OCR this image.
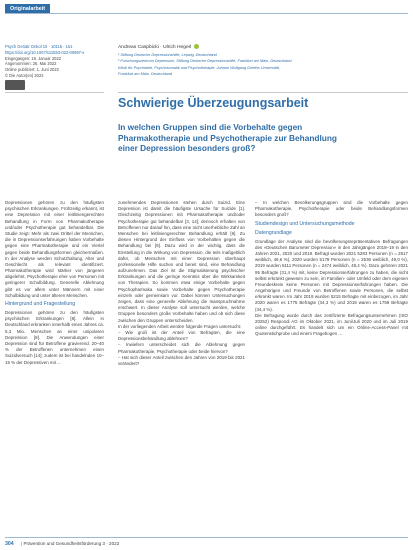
Originalarbeit
Psych Geriatr Onkol 10 · 10116 · 161
https://doi.org/10.1007/s11553-022-00997-x
Eingegangen: 19. Januar 2022
Angenommen: 26. Mai 2022
Online publiziert: 1. Juni 2022
© Die Autor(en) 2022
Andreas Caspbicki · Ulrich Hegerl
¹ Stiftung Deutsche Depressionshilfe, Leipzig, Deutschland
² Forschungszentrum Depression, Stiftung Deutsche Depressionshilfe, Frankfurt am Main, Deutschland
Klinik für Psychiatrie, Psychosomatik und Psychotherapie, Johann Wolfgang Goethe-Universität,
Frankfurt am Main, Deutschland
Schwierige Überzeugungsarbeit
In welchen Gruppen sind die Vorbehalte gegen Pharmakotherapie und Psychotherapie zur Behandlung einer Depression besonders groß?

Depressionen gehören zu den häufigsten psychischen Erkrankungen. Frühzeitig erkannt, ist eine Depression mit einer leitliniengerechten Behandlung in Form von Pharmakotherapie und/oder Psychotherapie gut behandelbar. Die Studie zeigt: Mehr als zwei Drittel der Menschen, die in Depressionserfahrungen haben Vorbehalte gegen eine Pharmakotherapie und ein Viertel gegen beide Behandlungsformen gleichermaßen. In der Analyse werden Schutzhaltung, Alter und Geschlecht als relevant identifiziert. Pharmakotherapie wird stärker von jüngeren abgelehnt, Psychotherapie eher von Personen mit geringerer Schulbildung. Generelle Ablehnung gibt es vor allem unter Männern mit einer Schulbildung und unter älteren Menschen.

Hintergrund und Fragestellung

Depressionen gehören zu den häufigsten psychischen Erkrankungen [8]. Allein in Deutschland erkranken innerhalb eines Jahres ca. 5,3 Mio. Menschen an einer unipolaren Depression [8]. Die Anwendungen einer Depression sind für Betroffene gravierend. 20–40 % der Betroffenen unternehmen einen Suizidversuch [14]; zudem ist bei handelnden 10–15 % der Depressiven mit ...

zunehmendes Depressionen stehen durch Suizid. Eine Depression ist damit die häufigste Ursache für Suizide [1]. Gleichzeitig Depressionen mit Pharmakotherapie und/oder Psychotherapie gut behandelbar [3, 14]; dennoch erhalten von Betroffenen nur darauf hin, dass eine nicht unerhebliche Zahl an Menschen bei leitliniengerechter Behandlung erhält [9]. Zu diesen Hintergrund der Einfluss von Vorbehalten gegen die Behandlung bei [9]. Dazu wird in der wichtig, dass die Einstellung in die Wirkung von Depression, die teils maßgeblich dafür, ob Menschen mit einer Depression überhaupt professionelle Hilfe suchen und bereit sind, eine Behandlung aufzunehmen. Das Ziel ist die Stigmatisierung psychischer Erkrankungen und die geringe Kenntnis über die Wirksamkeit von Therapien. So kommen etwa einige Vorbehalte gegen Psychopharmaka sowie Vorbehalte gegen Psychotherapie einzeln oder gemeinsam vor. Dabei können Untersuchungen zeigen, dass eine generelle Ablehnung die Inanspruchnahme erschwert. In dieser Analyse soll untersucht werden, welche Gruppen besonders große Vorbehalte haben und ob sich diese zwischen den Gruppen unterscheiden.

In der vorliegenden Arbeit werden folgende Fragen untersucht:

– Wie groß ist der Anteil von Befragten, die eine Depressionsbehandlung ablehnen?

– Inwiefern unterscheidet sich die Ablehnung gegen Pharmakotherapie, Psychotherapie oder beide hiervon?

– Hat sich dieser Anteil zwischen den Jahren von 2019 bis 2021 verändert?

– In welchen Bevölkerungsgruppen sind die Vorbehalte gegen Pharmakotherapie, Psychotherapie oder beide Behandlungsformen besonders groß?

Studiendesign und Untersuchungsmethode
Datengrundlage

Grundlage der Analyse sind die bevölkerungsrepräsentativen Befragungen des »Deutschen Barometer Depression« in den Jahrgängen 2018–19 in den Jahren 2021, 2020 und 2019. Befragt wurden 2021 5283 Personen (n = 2617 weiblich, 49,6 %), 2020 wurden 5178 Personen (n = 2536 weiblich, 49,0 %), 2019 wurden 5111 Personen (n = 2474 weiblich, 48,4 %). Dazu gehören 2021 95 Befragte (31,4 %) mit, keine Depressionserfahrungen zu haben, die nicht selbst erkrankt gewesen zu sein, im Familien- oder Umfeld oder dem eigenen Freundeskreis keine Personen mit Depressionserfahrungen haben. Die Angehörigen und Freunde von Betroffenen sowie Personen, die selbst erkrankt waren. Im Jahr 2019 wurden 5215 Befragte mit einbezogen, im Jahr 2020 waren es 1775 Befragte (34,3 %) und 2019 waren es 1759 Befragte (34,4 %).

Die Befragung wurde durch das zertifizierte Befragungsunternehmen (ISO 20252) Respondi AG im Oktober 2021, im Juni/Juli 2020 und im Juli 2019 online durchgeführt. Es handelt sich um ein Online-Access-Panel mit Quotenstichprobe und einem Fragebogen ...

304 | Prävention und Gesundheitsförderung 3 · 2022
